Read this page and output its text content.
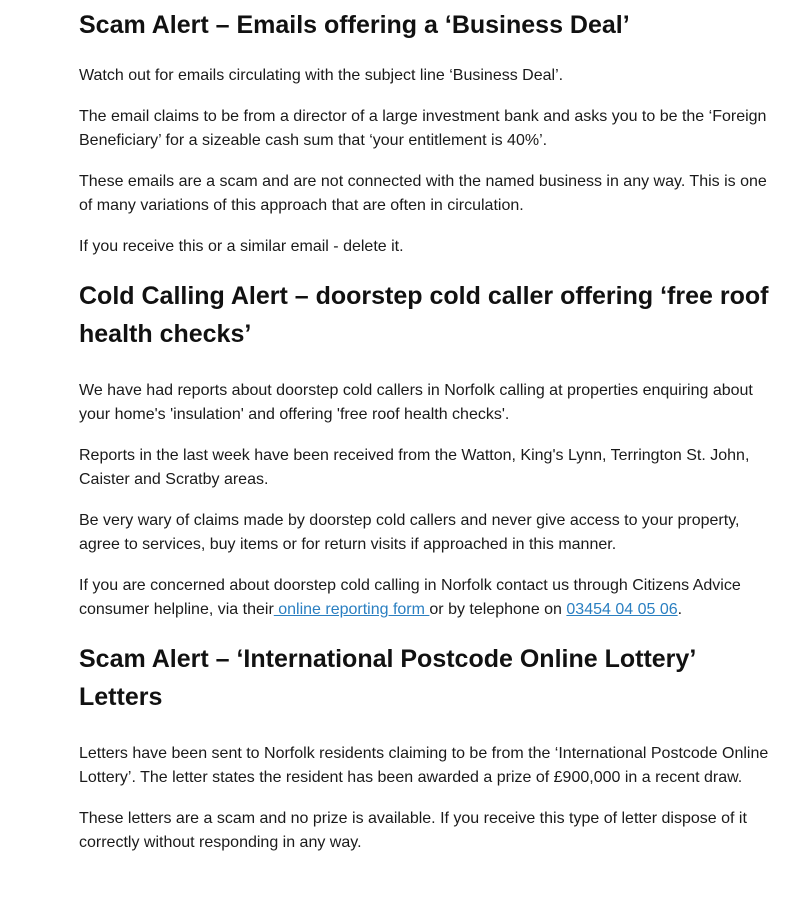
Scam Alert – Emails offering a ‘Business Deal’

Watch out for emails circulating with the subject line ‘Business Deal’.

The email claims to be from a director of a large investment bank and asks you to be the ‘Foreign Beneficiary’ for a sizeable cash sum that ‘your entitlement is 40%’.

These emails are a scam and are not connected with the named business in any way. This is one of many variations of this approach that are often in circulation.

If you receive this or a similar email - delete it.

Cold Calling Alert – doorstep cold caller offering ‘free roof health checks’

We have had reports about doorstep cold callers in Norfolk calling at properties enquiring about your home's 'insulation' and offering 'free roof health checks'.

Reports in the last week have been received from the Watton, King's Lynn, Terrington St. John, Caister and Scratby areas.

Be very wary of claims made by doorstep cold callers and never give access to your property, agree to services, buy items or for return visits if approached in this manner.

If you are concerned about doorstep cold calling in Norfolk contact us through Citizens Advice consumer helpline, via their online reporting form or by telephone on 03454 04 05 06.

Scam Alert – ‘International Postcode Online Lottery’ Letters

Letters have been sent to Norfolk residents claiming to be from the ‘International Postcode Online Lottery’. The letter states the resident has been awarded a prize of £900,000 in a recent draw.

These letters are a scam and no prize is available. If you receive this type of letter dispose of it correctly without responding in any way.
